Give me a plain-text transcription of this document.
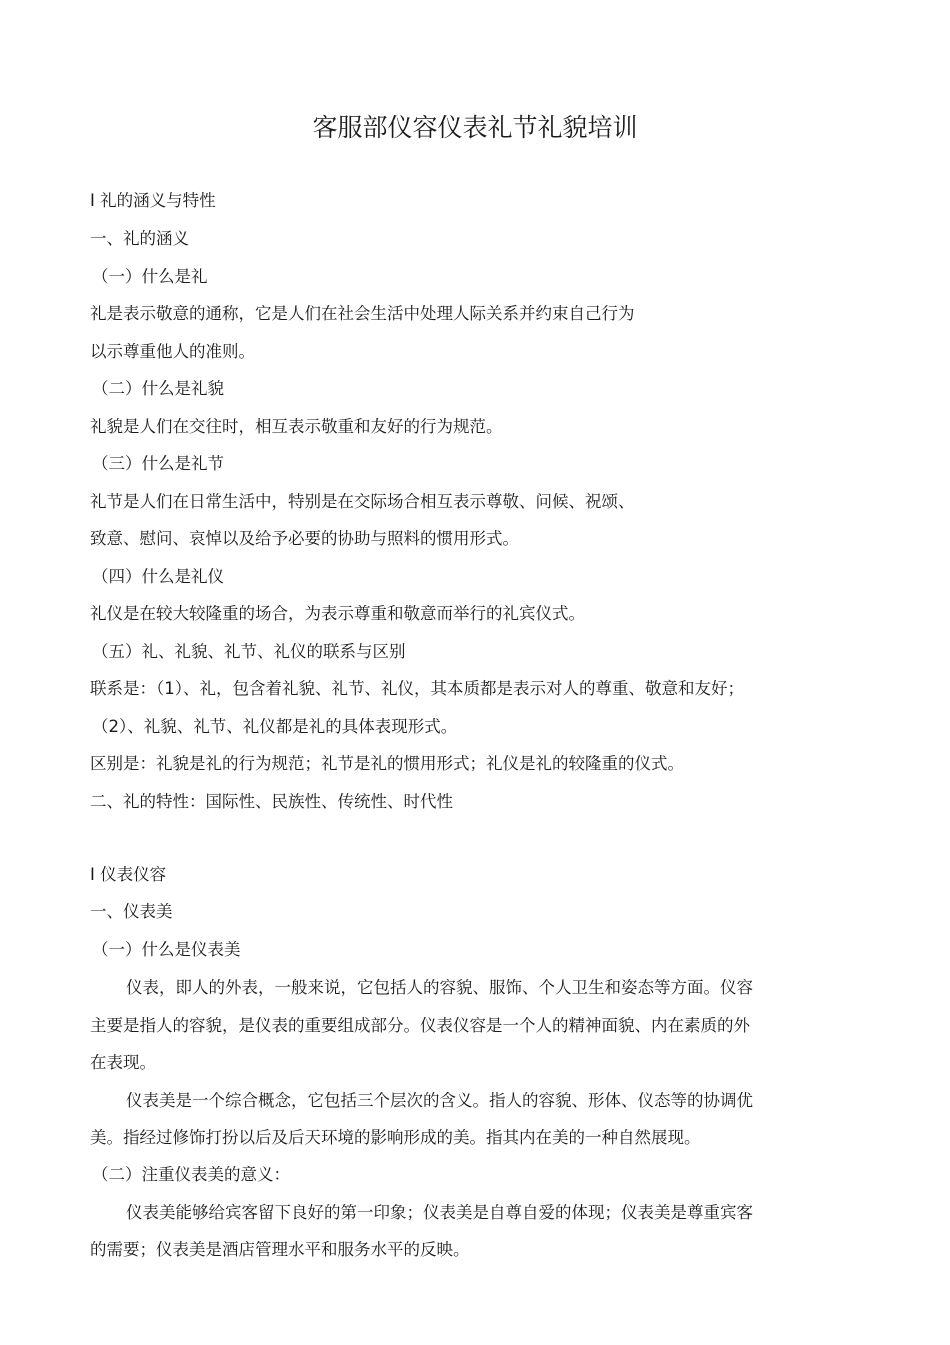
客服部仪容仪表礼节礼貌培训

I 礼的涵义与特性

一、礼的涵义

（一）什么是礼

礼是表示敬意的通称，它是人们在社会生活中处理人际关系并约束自己行为

以示尊重他人的准则。

（二）什么是礼貌

礼貌是人们在交往时，相互表示敬重和友好的行为规范。

（三）什么是礼节

礼节是人们在日常生活中，特别是在交际场合相互表示尊敬、问候、祝颂、

致意、慰问、哀悼以及给予必要的协助与照料的惯用形式。

（四）什么是礼仪

礼仪是在较大较隆重的场合，为表示尊重和敬意而举行的礼宾仪式。

（五）礼、礼貌、礼节、礼仪的联系与区别

联系是：（1）、礼，包含着礼貌、礼节、礼仪，其本质都是表示对人的尊重、敬意和友好；

（2）、礼貌、礼节、礼仪都是礼的具体表现形式。

区别是：礼貌是礼的行为规范；礼节是礼的惯用形式；礼仪是礼的较隆重的仪式。

二、礼的特性：国际性、民族性、传统性、时代性

I 仪表仪容

一、仪表美

（一）什么是仪表美

仪表，即人的外表，一般来说，它包括人的容貌、服饰、个人卫生和姿态等方面。仪容

主要是指人的容貌，是仪表的重要组成部分。仪表仪容是一个人的精神面貌、内在素质的外

在表现。

仪表美是一个综合概念，它包括三个层次的含义。指人的容貌、形体、仪态等的协调优

美。指经过修饰打扮以后及后天环境的影响形成的美。指其内在美的一种自然展现。

（二）注重仪表美的意义：

仪表美能够给宾客留下良好的第一印象；仪表美是自尊自爱的体现；仪表美是尊重宾客

的需要；仪表美是酒店管理水平和服务水平的反映。
